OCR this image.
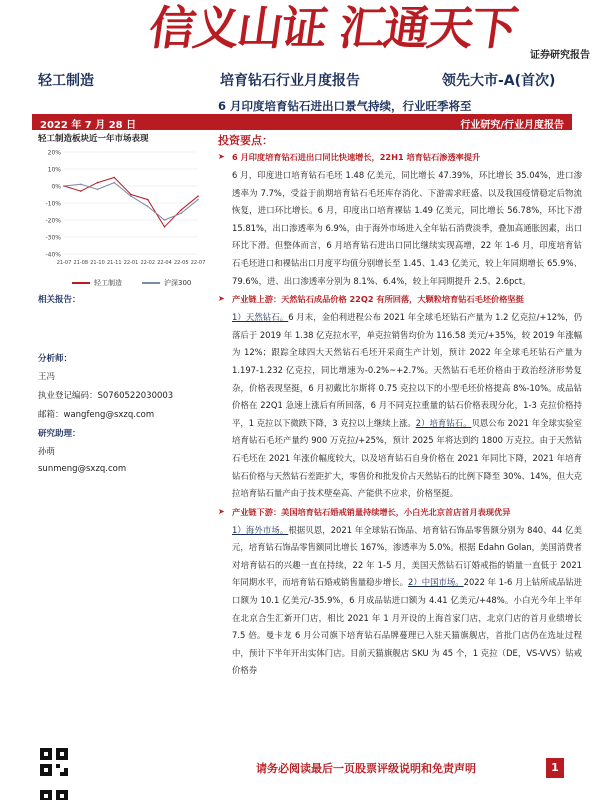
信义山证 汇通天下
证券研究报告
轻工制造	培育钻石行业月度报告	领先大市-A(首次)
6 月印度培育钻石进出口景气持续，行业旺季将至
2022 年 7 月 28 日	行业研究/行业月度报告
轻工制造板块近一年市场表现
20%
10%
0%
-10%
-20%
-30%
-40%
21-07 21-08 21-10 21-11 22-01 22-02 22-04 22-05 22-07
轻工制造	沪深300
相关报告：
分析师：
王冯
执业登记编码：S0760522030003
邮箱：wangfeng@sxzq.com
研究助理：
孙萌
sunmeng@sxzq.com
投资要点：
➤ 6 月印度培育钻石进出口同比快速增长，22H1 培育钻石渗透率提升
6 月，印度进口培育钻石毛坯 1.48 亿美元，同比增长 47.39%，环比增长 35.04%，进口渗透率为 7.7%，受益于前期培育钻石毛坯库存消化、下游需求旺盛、以及我国疫情稳定后物流恢复，进口环比增长。6 月，印度出口培育裸钻 1.49 亿美元，同比增长 56.78%，环比下滑 15.81%，出口渗透率为 6.9%，由于海外市场进入全年钻石消费淡季，叠加高通胀因素，出口环比下滑。但整体而言，6 月培育钻石进出口同比继续实现高增，22 年 1-6 月，印度培育钻石毛坯进口和裸钻出口月度平均值分别增长至 1.45、1.43 亿美元，较上年同期增长 65.9%、79.6%，进、出口渗透率分别为 8.1%、6.4%，较上年同期提升 2.5、2.6pct。
➤ 产业链上游：天然钻石成品价格 22Q2 有所回落，大颗粒培育钻石毛坯价格坚挺
1）天然钻石。6 月末，金伯利进程公布 2021 年全球毛坯钻石产量为 1.2 亿克拉/+12%，仍落后于 2019 年 1.38 亿克拉水平，单克拉销售均价为 116.58 美元/+35%，较 2019 年涨幅为 12%；跟踪全球四大天然钻石毛坯开采商生产计划，预计 2022 年全球毛坯钻石产量为 1.197-1.232 亿克拉，同比增速为-0.2%~+2.7%。天然钻石毛坯价格由于政治经济形势复杂，价格表现坚挺，6 月初戴比尔斯将 0.75 克拉以下的小型毛坯价格提高 8%-10%。成品钻价格在 22Q1 急速上涨后有所回落，6 月不同克拉重量的钻石价格表现分化，1-3 克拉价格持平，1 克拉以下微跌下降，3 克拉以上继续上涨。2）培育钻石。贝恩公布 2021 年全球实验室培育钻石毛坯产量约 900 万克拉/+25%，预计 2025 年将达到约 1800 万克拉。由于天然钻石毛坯在 2021 年涨价幅度较大，以及培育钻石自身价格在 2021 年同比下降，2021 年培育钻石价格与天然钻石差距扩大，零售价和批发价占天然钻石的比例下降至 30%、14%，但大克拉培育钻石量产由于技术壁垒高、产能供不应求，价格坚挺。
➤ 产业链下游：美国培育钻石婚戒销量持续增长，小白光北京首店首月表现优异
1）海外市场。根据贝恩，2021 年全球钻石饰品、培育钻石饰品零售额分别为 840、44 亿美元，培育钻石饰品零售额同比增长 167%，渗透率为 5.0%。根据 Edahn Golan，美国消费者对培育钻石的兴趣一直在持续，22 年 1-5 月，美国天然钻石订婚戒指的销量一直低于 2021 年同期水平，而培育钻石婚戒销售量稳步增长。2）中国市场。2022 年 1-6 月上钻所成品钻进口额为 10.1 亿美元/-35.9%，6 月成品钻进口额为 4.41 亿美元/+48%。小白光今年上半年在北京合生汇新开门店，相比 2021 年 1 月开设的上海首家门店，北京门店的首月业绩增长 7.5 倍。曼卡龙 6 月公司旗下培育钻石品牌蔓理已入驻天猫旗舰店，首批门店仍在选址过程中，预计下半年开出实体门店。目前天猫旗舰店 SKU 为 45 个，1 克拉（DE，VS-VVS）钻戒价格券
请务必阅读最后一页股票评级说明和免责声明	1
